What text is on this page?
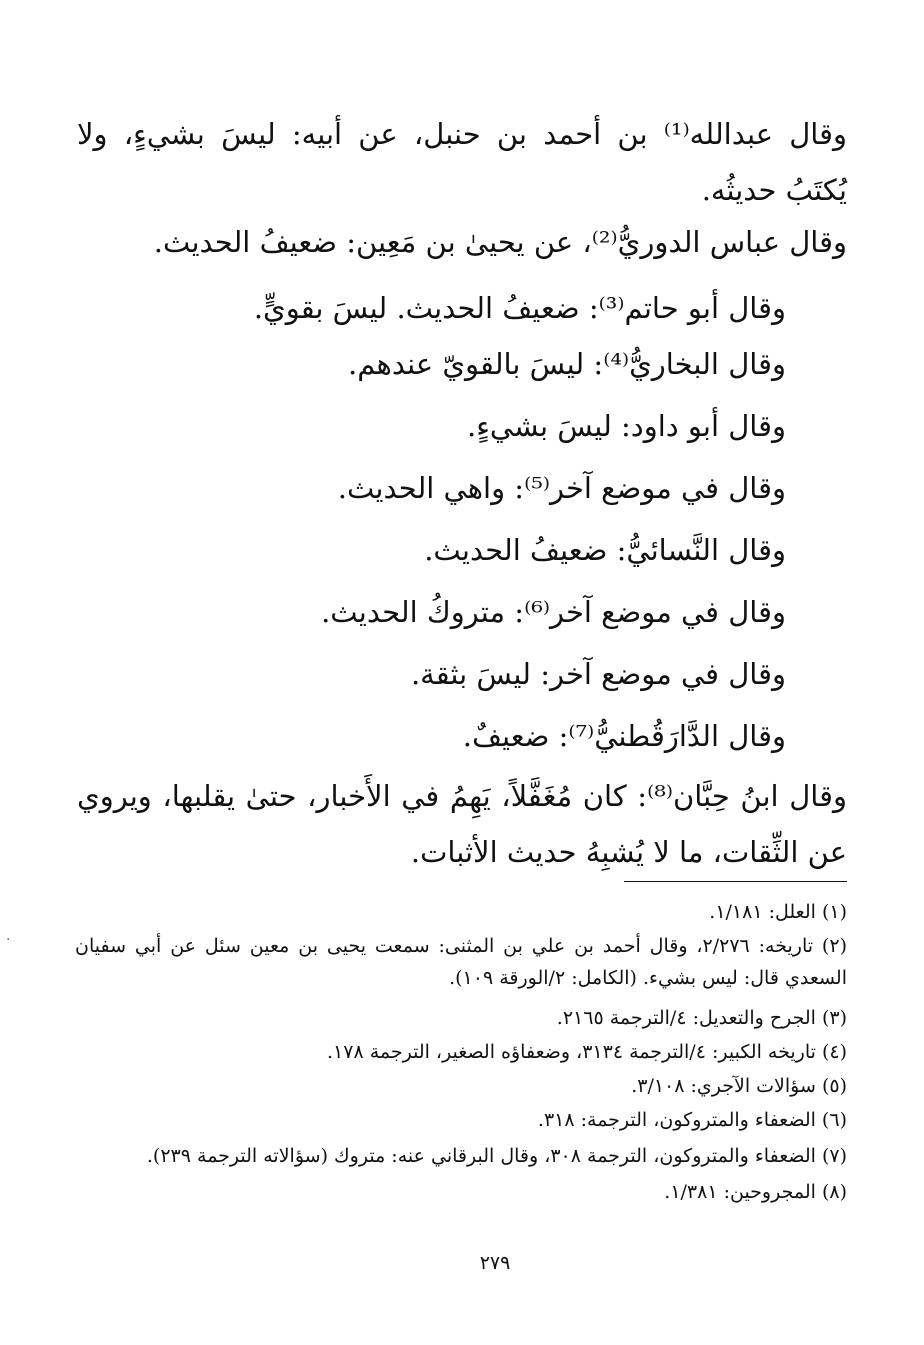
وقال عبدالله⁽¹⁾ بن أحمد بن حنبل، عن أبيه: ليسَ بشيءٍ، ولا يُكتَبُ حديثُه.

وقال عباس الدوريُّ⁽²⁾، عن يحيىٰ بن مَعِين: ضعيفُ الحديث.
وقال أبو حاتم⁽³⁾: ضعيفُ الحديث. ليسَ بقويٍّ.
وقال البخاريُّ⁽⁴⁾: ليسَ بالقويّ عندهم.
وقال أبو داود: ليسَ بشيءٍ.
وقال في موضع آخر⁽⁵⁾: واهي الحديث.
وقال النَّسائيُّ: ضعيفُ الحديث.
وقال في موضع آخر⁽⁶⁾: متروكُ الحديث.
وقال في موضع آخر: ليسَ بثقة.
وقال الدَّارَقُطنيُّ⁽⁷⁾: ضعيفٌ.

وقال ابنُ حِبَّان⁽⁸⁾: كان مُغَفَّلاً، يَهِمُ في الأَخبار، حتىٰ يقلبها، ويروي عن الثِّقات، ما لا يُشبِهُ حديث الأثبات.

(١) العلل: ١/١٨١.
(٢) تاريخه: ٢/٢٧٦، وقال أحمد بن علي بن المثنى: سمعت يحيى بن معين سئل عن أبي سفيان السعدي قال: ليس بشيء. (الكامل: ٢/الورقة ١٠٩).
(٣) الجرح والتعديل: ٤/الترجمة ٢١٦٥.
(٤) تاريخه الكبير: ٤/الترجمة ٣١٣٤، وضعفاؤه الصغير، الترجمة ١٧٨.
(٥) سؤالات الآجري: ٣/١٠٨.
(٦) الضعفاء والمتروكون، الترجمة: ٣١٨.
(٧) الضعفاء والمتروكون، الترجمة ٣٠٨، وقال البرقاني عنه: متروك (سؤالاته الترجمة ٢٣٩).
(٨) المجروحين: ١/٣٨١.
٢٧٩
·
